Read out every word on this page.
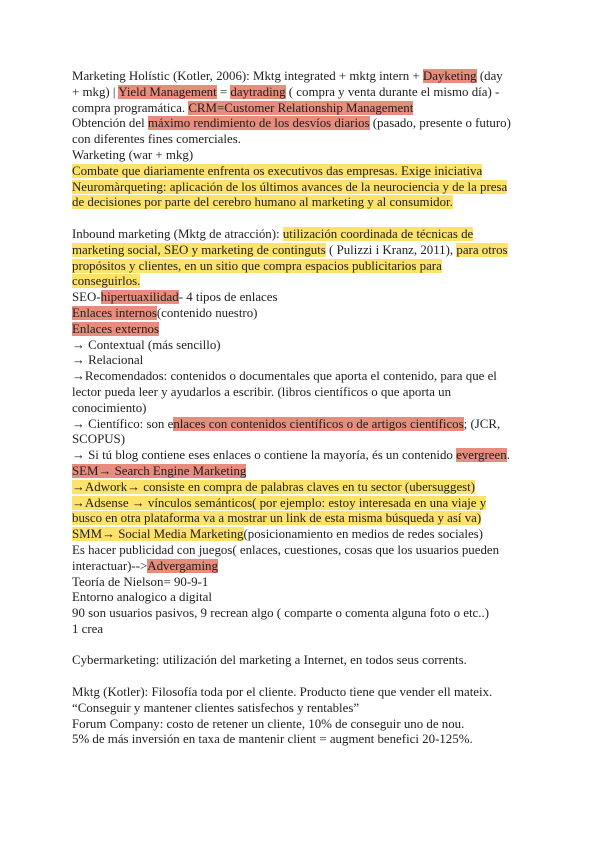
Marketing Holístic (Kotler, 2006): Mktg integrated + mktg intern + Dayketing (day

+ mkg) | Yield Management = daytrading ( compra y venta durante el mismo día) -

compra programática. CRM=Customer Relationship Management

Obtención del máximo rendimiento de los desvíos diarios (pasado, presente o futuro)

con diferentes fines comerciales.

Warketing (war + mkg)

Combate que diariamente enfrenta os executivos das empresas. Exige iniciativa

Neuromàrqueting: aplicación de los últimos avances de la neurociencia y de la presa

de decisiones por parte del cerebro humano al marketing y al consumidor.

Inbound marketing (Mktg de atracción): utilización coordinada de técnicas de

marketing social, SEO y marketing de continguts ( Pulizzi i Kranz, 2011), para otros

propósitos y clientes, en un sitio que compra espacios publicitarios para

conseguirlos.

SEO-hipertuaxilidad- 4 tipos de enlaces

Enlaces internos(contenido nuestro)

Enlaces externos

→ Contextual (más sencillo)

→ Relacional

→Recomendados: contenidos o documentales que aporta el contenido, para que el

lector pueda leer y ayudarlos a escribir. (libros científicos o que aporta un

conocimiento)

→ Científico: son enlaces con contenidos científicos o de artigos científicos; (JCR,

SCOPUS)

→ Si tú blog contiene eses enlaces o contiene la mayoría, és un contenido evergreen.

SEM→ Search Engine Marketing

→Adwork→ consiste en compra de palabras claves en tu sector (ubersuggest)

→Adsense → vínculos semánticos( por ejemplo: estoy interesada en una viaje y

busco en otra plataforma va a mostrar un link de esta misma búsqueda y así va)

SMM→ Social Media Marketing(posicionamiento en medios de redes sociales)

Es hacer publicidad con juegos( enlaces, cuestiones, cosas que los usuarios pueden

interactuar)-->Advergaming

Teoría de Nielson= 90-9-1

Entorno analogico a digital

90 son usuarios pasivos, 9 recrean algo ( comparte o comenta alguna foto o etc..)

1 crea

Cybermarketing: utilización del marketing a Internet, en todos seus corrents.

Mktg (Kotler): Filosofía toda por el cliente. Producto tiene que vender ell mateix.

“Conseguir y mantener clientes satisfechos y rentables”

Forum Company: costo de retener un cliente, 10% de conseguir uno de nou.

5% de más inversión en taxa de mantenir client = augment benefici 20-125%.
